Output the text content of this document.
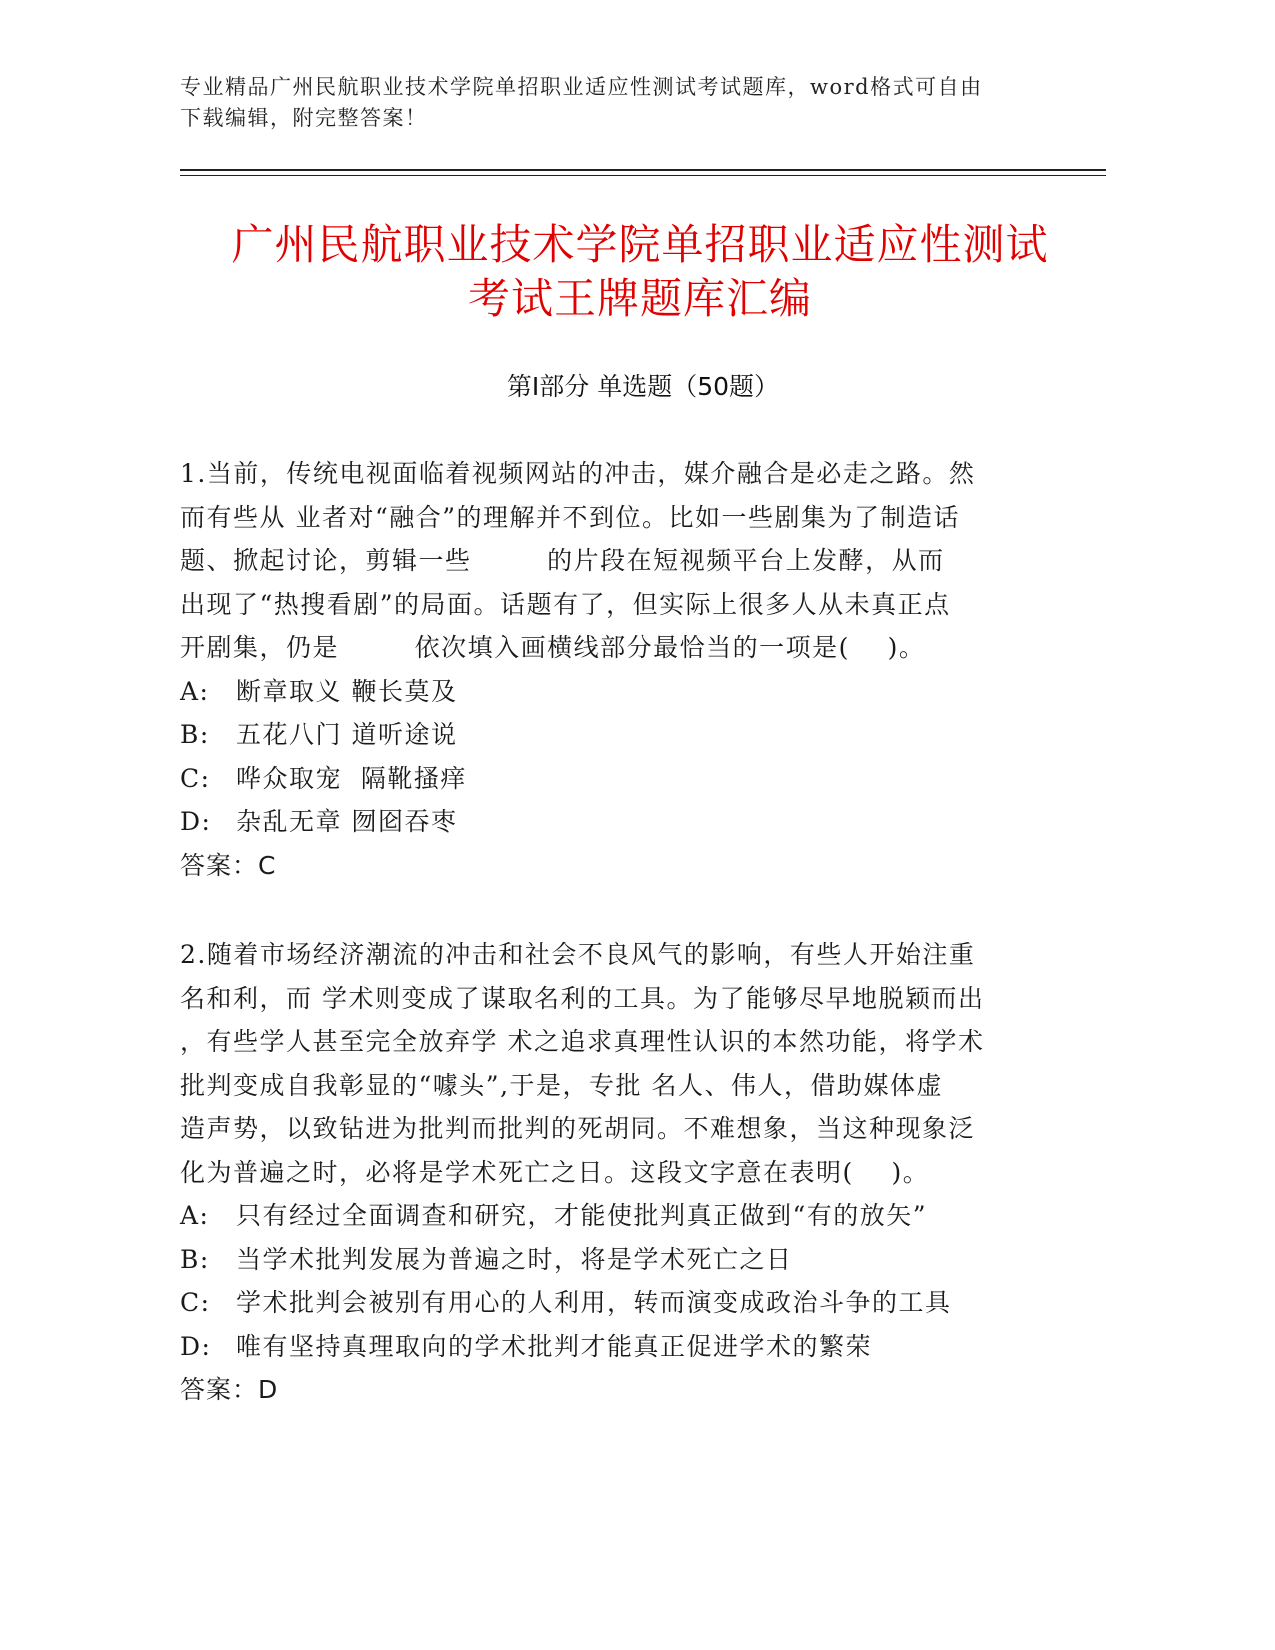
专业精品广州民航职业技术学院单招职业适应性测试考试题库，word格式可自由
下载编辑，附完整答案！
广州民航职业技术学院单招职业适应性测试
考试王牌题库汇编
第Ⅰ部分 单选题（50题）
1.当前，传统电视面临着视频网站的冲击，媒介融合是必走之路。然
而有些从 业者对“融合”的理解并不到位。比如一些剧集为了制造话
题、掀起讨论，剪辑一些        的片段在短视频平台上发酵，从而
出现了“热搜看剧”的局面。话题有了，但实际上很多人从未真正点
开剧集，仍是        依次填入画横线部分最恰当的一项是(    )。
A:	断章取义 鞭长莫及
B:	五花八门 道听途说
C:	哗众取宠  隔靴搔痒
D: 杂乱无章 囫囵吞枣
答案：C
2.随着市场经济潮流的冲击和社会不良风气的影响，有些人开始注重
名和利，而 学术则变成了谋取名利的工具。为了能够尽早地脱颖而出
，有些学人甚至完全放弃学 术之追求真理性认识的本然功能，将学术
批判变成自我彰显的“噱头”,于是，专批 名人、伟人，借助媒体虚
造声势，以致钻进为批判而批判的死胡同。不难想象，当这种现象泛
化为普遍之时，必将是学术死亡之日。这段文字意在表明(    )。
A:	只有经过全面调查和研究，才能使批判真正做到“有的放矢”
B:	当学术批判发展为普遍之时，将是学术死亡之日
C:	学术批判会被别有用心的人利用，转而演变成政治斗争的工具
D: 唯有坚持真理取向的学术批判才能真正促进学术的繁荣
答案：D
